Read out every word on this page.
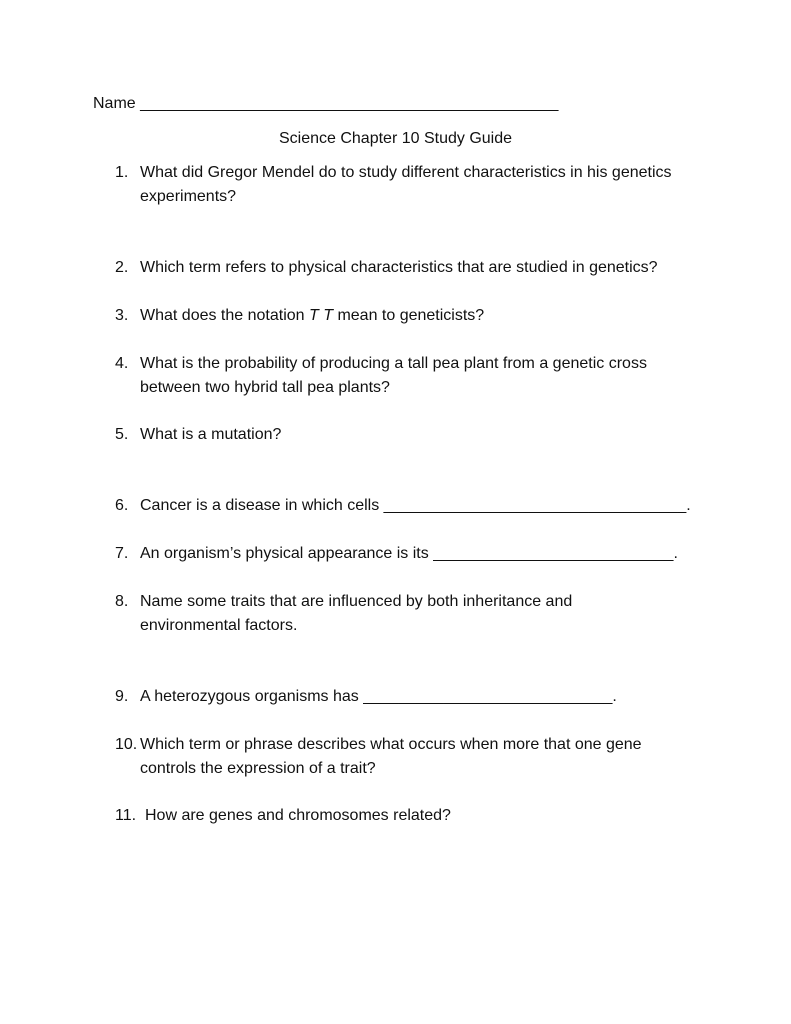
Name _______________________________________________
Science Chapter 10 Study Guide
1. What did Gregor Mendel do to study different characteristics in his genetics experiments?
2. Which term refers to physical characteristics that are studied in genetics?
3. What does the notation T T mean to geneticists?
4. What is the probability of producing a tall pea plant from a genetic cross between two hybrid tall pea plants?
5. What is a mutation?
6. Cancer is a disease in which cells __________________________________.
7. An organism’s physical appearance is its ___________________________.
8. Name some traits that are influenced by both inheritance and environmental factors.
9. A heterozygous organisms has ____________________________.
10. Which term or phrase describes what occurs when more that one gene controls the expression of a trait?
11. How are genes and chromosomes related?
